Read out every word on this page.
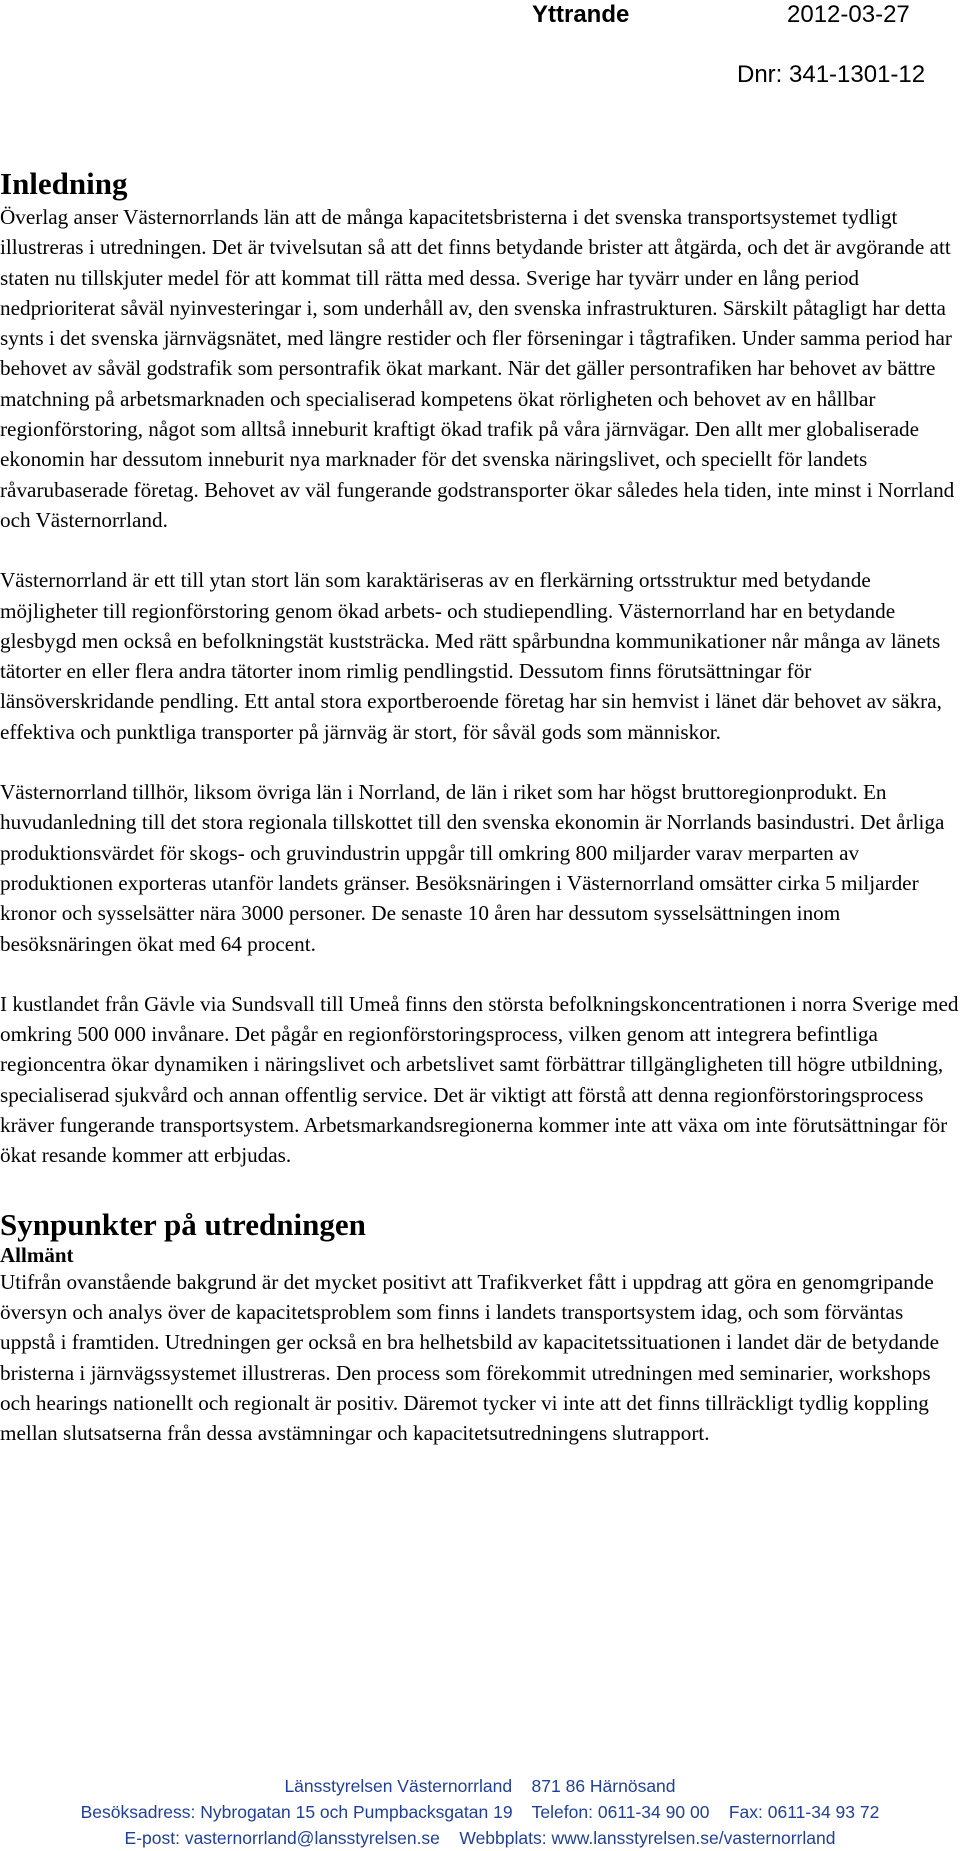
Yttrande	2012-03-27
Dnr: 341-1301-12
Inledning

Överlag anser Västernorrlands län att de många kapacitetsbristerna i det svenska transportsystemet tydligt illustreras i utredningen. Det är tvivelsutan så att det finns betydande brister att åtgärda, och det är avgörande att staten nu tillskjuter medel för att kommat till rätta med dessa. Sverige har tyvärr under en lång period nedprioriterat såväl nyinvesteringar i, som underhåll av, den svenska infrastrukturen. Särskilt påtagligt har detta synts i det svenska järnvägsnätet, med längre restider och fler förseningar i tågtrafiken. Under samma period har behovet av såväl godstrafik som persontrafik ökat markant. När det gäller persontrafiken har behovet av bättre matchning på arbetsmarknaden och specialiserad kompetens ökat rörligheten och behovet av en hållbar regionförstoring, något som alltså inneburit kraftigt ökad trafik på våra järnvägar. Den allt mer globaliserade ekonomin har dessutom inneburit nya marknader för det svenska näringslivet, och speciellt för landets råvarubaserade företag. Behovet av väl fungerande godstransporter ökar således hela tiden, inte minst i Norrland och Västernorrland.

Västernorrland är ett till ytan stort län som karaktäriseras av en flerkärning ortsstruktur med betydande möjligheter till regionförstoring genom ökad arbets- och studiependling. Västernorrland har en betydande glesbygd men också en befolkningstät kuststräcka. Med rätt spårbundna kommunikationer når många av länets tätorter en eller flera andra tätorter inom rimlig pendlingstid. Dessutom finns förutsättningar för länsöverskridande pendling. Ett antal stora exportberoende företag har sin hemvist i länet där behovet av säkra, effektiva och punktliga transporter på järnväg är stort, för såväl gods som människor.

Västernorrland tillhör, liksom övriga län i Norrland, de län i riket som har högst bruttoregionprodukt. En huvudanledning till det stora regionala tillskottet till den svenska ekonomin är Norrlands basindustri. Det årliga produktionsvärdet för skogs- och gruvindustrin uppgår till omkring 800 miljarder varav merparten av produktionen exporteras utanför landets gränser. Besöksnäringen i Västernorrland omsätter cirka 5 miljarder kronor och sysselsätter nära 3000 personer. De senaste 10 åren har dessutom sysselsättningen inom besöksnäringen ökat med 64 procent.

I kustlandet från Gävle via Sundsvall till Umeå finns den största befolkningskoncentrationen i norra Sverige med omkring 500 000 invånare. Det pågår en regionförstoringsprocess, vilken genom att integrera befintliga regioncentra ökar dynamiken i näringslivet och arbetslivet samt förbättrar tillgängligheten till högre utbildning, specialiserad sjukvård och annan offentlig service. Det är viktigt att förstå att denna regionförstoringsprocess kräver fungerande transportsystem. Arbetsmarkandsregionerna kommer inte att växa om inte förutsättningar för ökat resande kommer att erbjudas.

Synpunkter på utredningen
Allmänt

Utifrån ovanstående bakgrund är det mycket positivt att Trafikverket fått i uppdrag att göra en genomgripande översyn och analys över de kapacitetsproblem som finns i landets transportsystem idag, och som förväntas uppstå i framtiden. Utredningen ger också en bra helhetsbild av kapacitetssituationen i landet där de betydande bristerna i järnvägssystemet illustreras. Den process som förekommit utredningen med seminarier, workshops och hearings nationellt och regionalt är positiv. Däremot tycker vi inte att det finns tillräckligt tydlig koppling mellan slutsatserna från dessa avstämningar och kapacitetsutredningens slutrapport.

Länsstyrelsen Västernorrland    871 86 Härnösand
Besöksadress: Nybrogatan 15 och Pumpbacksgatan 19    Telefon: 0611-34 90 00    Fax: 0611-34 93 72
E-post: vasternorrland@lansstyrelsen.se    Webbplats: www.lansstyrelsen.se/vasternorrland
